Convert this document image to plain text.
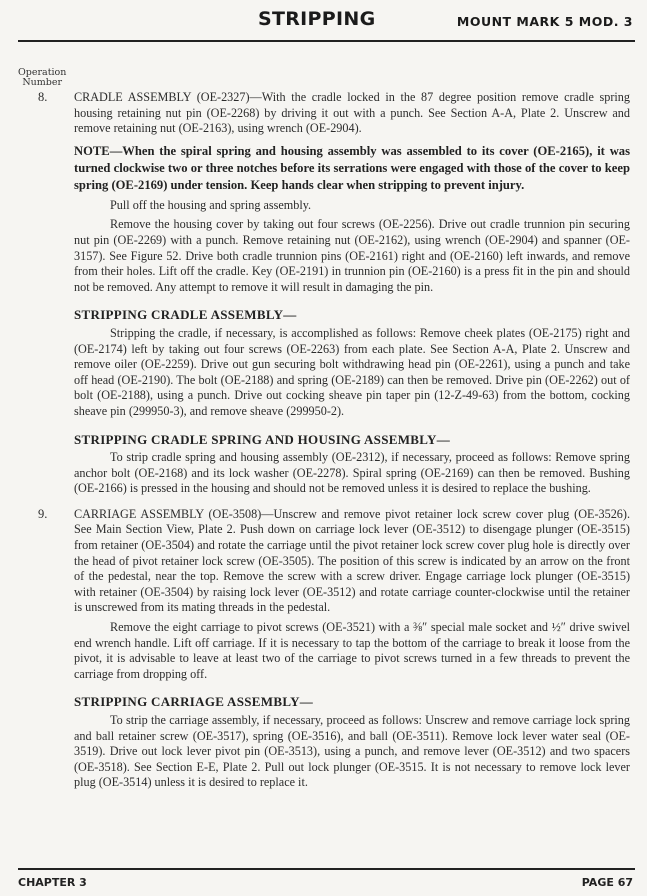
STRIPPING	MOUNT MARK 5 MOD. 3
Operation
Number
8. CRADLE ASSEMBLY (OE-2327)—With the cradle locked in the 87 degree position remove cradle spring housing retaining nut pin (OE-2268) by driving it out with a punch. See Section A-A, Plate 2. Unscrew and remove retaining nut (OE-2163), using wrench (OE-2904).

NOTE—When the spiral spring and housing assembly was assembled to its cover (OE-2165), it was turned clockwise two or three notches before its serrations were engaged with those of the cover to keep spring (OE-2169) under tension. Keep hands clear when stripping to prevent injury.

Pull off the housing and spring assembly.

Remove the housing cover by taking out four screws (OE-2256). Drive out cradle trunnion pin securing nut pin (OE-2269) with a punch. Remove retaining nut (OE-2162), using wrench (OE-2904) and spanner (OE-3157). See Figure 52. Drive both cradle trunnion pins (OE-2161) right and (OE-2160) left inwards, and remove from their holes. Lift off the cradle. Key (OE-2191) in trunnion pin (OE-2160) is a press fit in the pin and should not be removed. Any attempt to remove it will result in damaging the pin.

STRIPPING CRADLE ASSEMBLY—

Stripping the cradle, if necessary, is accomplished as follows: Remove cheek plates (OE-2175) right and (OE-2174) left by taking out four screws (OE-2263) from each plate. See Section A-A, Plate 2. Unscrew and remove oiler (OE-2259). Drive out gun securing bolt withdrawing head pin (OE-2261), using a punch and take off head (OE-2190). The bolt (OE-2188) and spring (OE-2189) can then be removed. Drive pin (OE-2262) out of bolt (OE-2188), using a punch. Drive out cocking sheave pin taper pin (12-Z-49-63) from the bottom, cocking sheave pin (299950-3), and remove sheave (299950-2).

STRIPPING CRADLE SPRING AND HOUSING ASSEMBLY—

To strip cradle spring and housing assembly (OE-2312), if necessary, proceed as follows: Remove spring anchor bolt (OE-2168) and its lock washer (OE-2278). Spiral spring (OE-2169) can then be removed. Bushing (OE-2166) is pressed in the housing and should not be removed unless it is desired to replace the bushing.

9. CARRIAGE ASSEMBLY (OE-3508)—Unscrew and remove pivot retainer lock screw cover plug (OE-3526). See Main Section View, Plate 2. Push down on carriage lock lever (OE-3512) to disengage plunger (OE-3515) from retainer (OE-3504) and rotate the carriage until the pivot retainer lock screw cover plug hole is directly over the head of pivot retainer lock screw (OE-3505). The position of this screw is indicated by an arrow on the front of the pedestal, near the top. Remove the screw with a screw driver. Engage carriage lock plunger (OE-3515) with retainer (OE-3504) by raising lock lever (OE-3512) and rotate carriage counter-clockwise until the retainer is unscrewed from its mating threads in the pedestal.

Remove the eight carriage to pivot screws (OE-3521) with a ⅜″ special male socket and ½″ drive swivel end wrench handle. Lift off carriage. If it is necessary to tap the bottom of the carriage to break it loose from the pivot, it is advisable to leave at least two of the carriage to pivot screws turned in a few threads to prevent the carriage from dropping off.

STRIPPING CARRIAGE ASSEMBLY—

To strip the carriage assembly, if necessary, proceed as follows: Unscrew and remove carriage lock spring and ball retainer screw (OE-3517), spring (OE-3516), and ball (OE-3511). Remove lock lever water seal (OE-3519). Drive out lock lever pivot pin (OE-3513), using a punch, and remove lever (OE-3512) and two spacers (OE-3518). See Section E-E, Plate 2. Pull out lock plunger (OE-3515. It is not necessary to remove lock lever plug (OE-3514) unless it is desired to replace it.

CHAPTER 3	PAGE 67
